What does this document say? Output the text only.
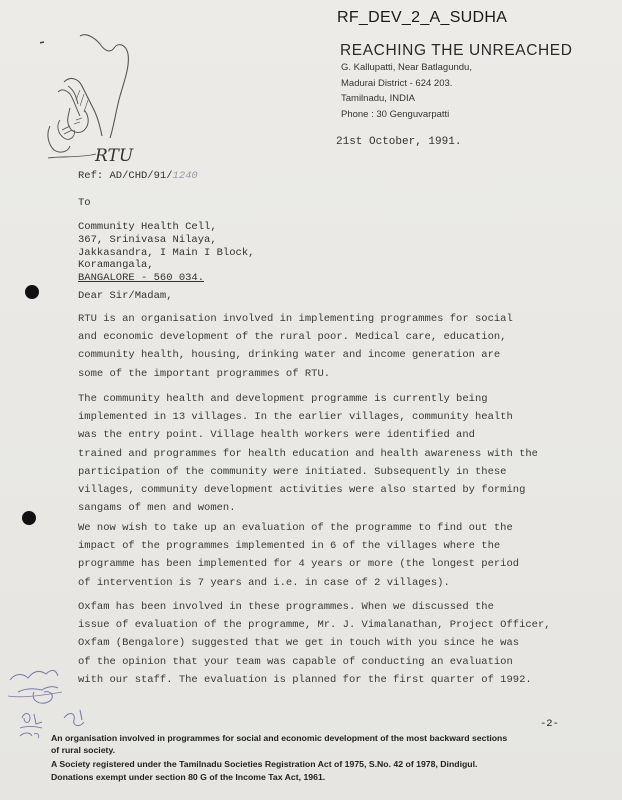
RF_DEV_2_A_SUDHA
RTU
REACHING THE UNREACHED
G. Kallupatti, Near Batlagundu,
Madurai District - 624 203.
Tamilnadu, INDIA
Phone : 30 Genguvarpatti
21st October, 1991.
Ref: AD/CHD/91/1240
To
Community Health Cell,
367, Srinivasa Nilaya,
Jakkasandra, I Main I Block,
Koramangala,
BANGALORE - 560 034.
Dear Sir/Madam,
RTU is an organisation involved in implementing programmes for social
and economic development of the rural poor. Medical care, education,
community health, housing, drinking water and income generation are
some of the important programmes of RTU.
The community health and development programme is currently being
implemented in 13 villages. In the earlier villages, community health
was the entry point. Village health workers were identified and
trained and programmes for health education and health awareness with the
participation of the community were initiated. Subsequently in these
villages, community development activities were also started by forming
sangams of men and women.
We now wish to take up an evaluation of the programme to find out the
impact of the programmes implemented in 6 of the villages where the
programme has been implemented for 4 years or more (the longest period
of intervention is 7 years and i.e. in case of 2 villages).
Oxfam has been involved in these programmes. When we discussed the
issue of evaluation of the programme, Mr. J. Vimalanathan, Project Officer,
Oxfam (Bengalore) suggested that we get in touch with you since he was
of the opinion that your team was capable of conducting an evaluation
with our staff. The evaluation is planned for the first quarter of 1992.
-2-
An organisation involved in programmes for social and economic development of the most backward sections
of rural society.
A Society registered under the Tamilnadu Societies Registration Act of 1975, S.No. 42 of 1978, Dindigul.
Donations exempt under section 80 G of the Income Tax Act, 1961.
